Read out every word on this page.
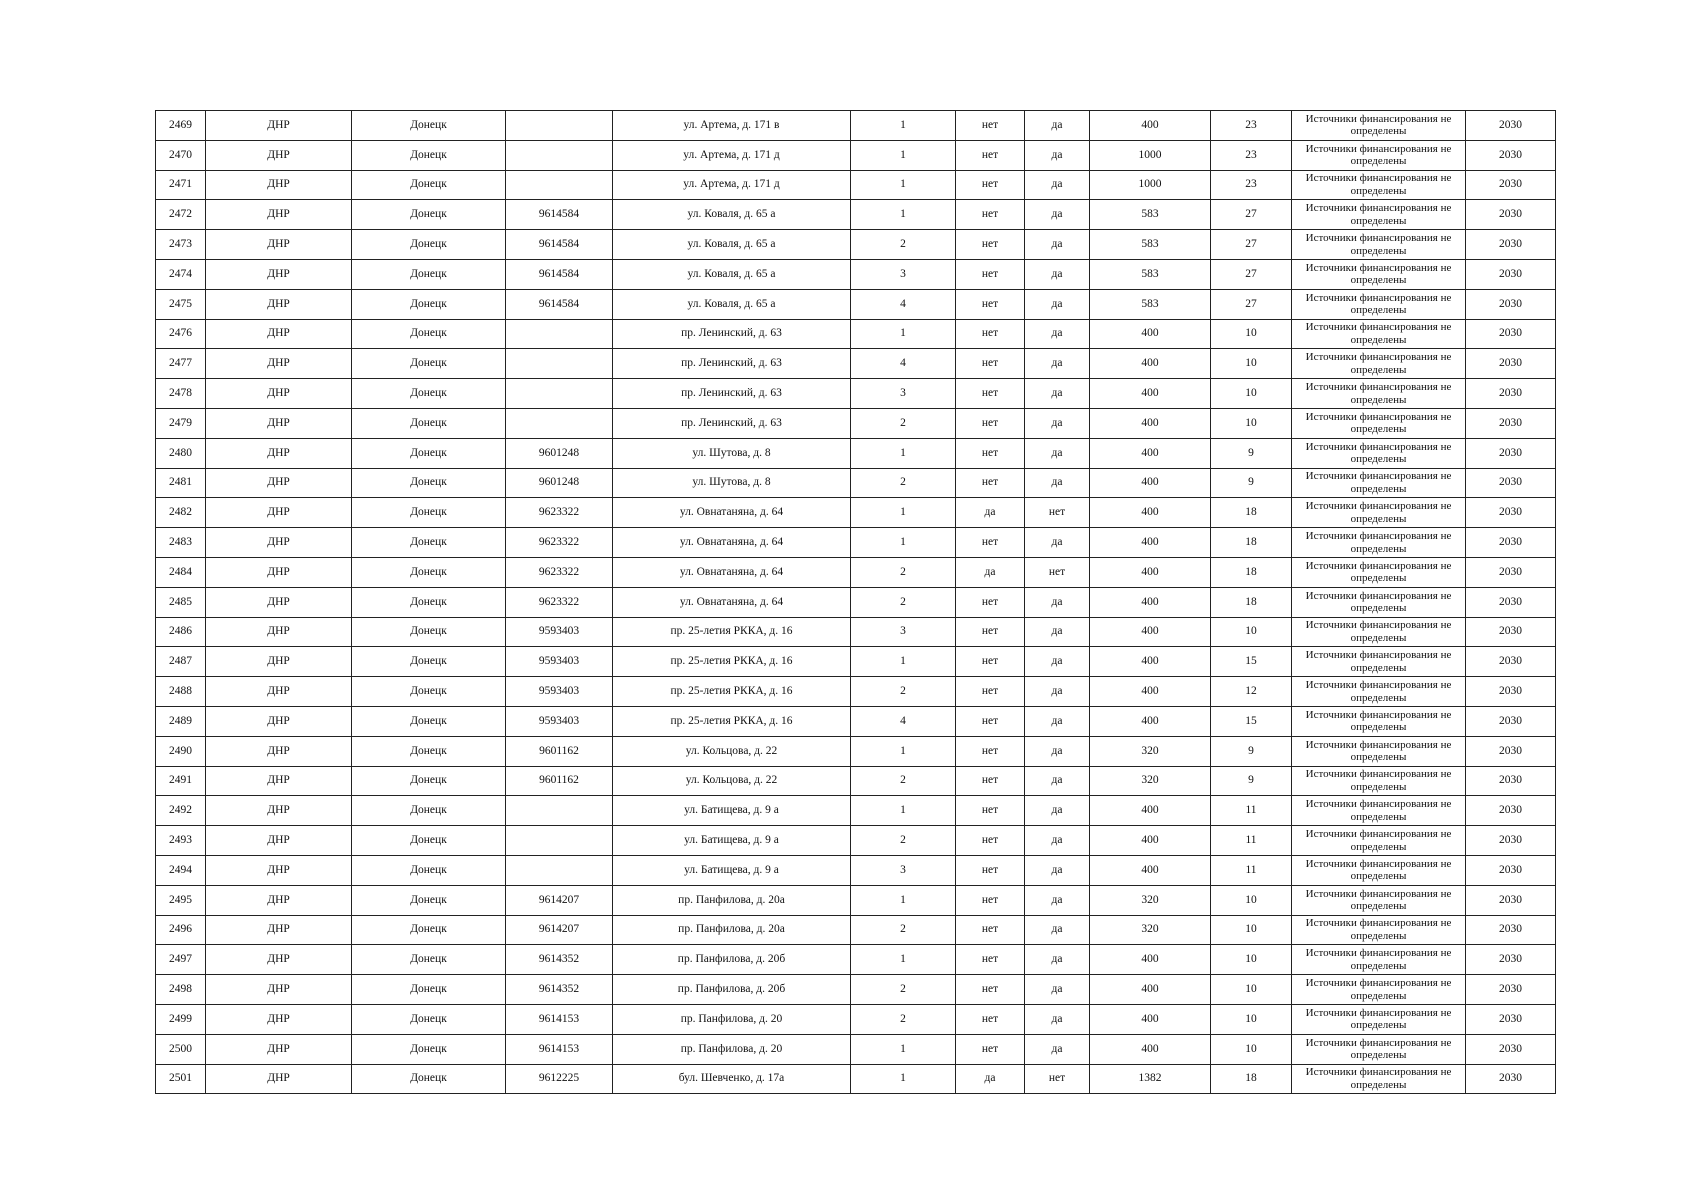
2469	ДНР	Донецк		ул. Артема, д. 171 в	1	нет	да	400	23	Источники финансирования не определены	2030
2470	ДНР	Донецк		ул. Артема, д. 171 д	1	нет	да	1000	23	Источники финансирования не определены	2030
2471	ДНР	Донецк		ул. Артема, д. 171 д	1	нет	да	1000	23	Источники финансирования не определены	2030
2472	ДНР	Донецк	9614584	ул. Коваля, д. 65 а	1	нет	да	583	27	Источники финансирования не определены	2030
2473	ДНР	Донецк	9614584	ул. Коваля, д. 65 а	2	нет	да	583	27	Источники финансирования не определены	2030
2474	ДНР	Донецк	9614584	ул. Коваля, д. 65 а	3	нет	да	583	27	Источники финансирования не определены	2030
2475	ДНР	Донецк	9614584	ул. Коваля, д. 65 а	4	нет	да	583	27	Источники финансирования не определены	2030
2476	ДНР	Донецк		пр. Ленинский, д. 63	1	нет	да	400	10	Источники финансирования не определены	2030
2477	ДНР	Донецк		пр. Ленинский, д. 63	4	нет	да	400	10	Источники финансирования не определены	2030
2478	ДНР	Донецк		пр. Ленинский, д. 63	3	нет	да	400	10	Источники финансирования не определены	2030
2479	ДНР	Донецк		пр. Ленинский, д. 63	2	нет	да	400	10	Источники финансирования не определены	2030
2480	ДНР	Донецк	9601248	ул. Шутова, д. 8	1	нет	да	400	9	Источники финансирования не определены	2030
2481	ДНР	Донецк	9601248	ул. Шутова, д. 8	2	нет	да	400	9	Источники финансирования не определены	2030
2482	ДНР	Донецк	9623322	ул. Овнатаняна, д. 64	1	да	нет	400	18	Источники финансирования не определены	2030
2483	ДНР	Донецк	9623322	ул. Овнатаняна, д. 64	1	нет	да	400	18	Источники финансирования не определены	2030
2484	ДНР	Донецк	9623322	ул. Овнатаняна, д. 64	2	да	нет	400	18	Источники финансирования не определены	2030
2485	ДНР	Донецк	9623322	ул. Овнатаняна, д. 64	2	нет	да	400	18	Источники финансирования не определены	2030
2486	ДНР	Донецк	9593403	пр. 25-летия РККА, д. 16	3	нет	да	400	10	Источники финансирования не определены	2030
2487	ДНР	Донецк	9593403	пр. 25-летия РККА, д. 16	1	нет	да	400	15	Источники финансирования не определены	2030
2488	ДНР	Донецк	9593403	пр. 25-летия РККА, д. 16	2	нет	да	400	12	Источники финансирования не определены	2030
2489	ДНР	Донецк	9593403	пр. 25-летия РККА, д. 16	4	нет	да	400	15	Источники финансирования не определены	2030
2490	ДНР	Донецк	9601162	ул. Кольцова, д. 22	1	нет	да	320	9	Источники финансирования не определены	2030
2491	ДНР	Донецк	9601162	ул. Кольцова, д. 22	2	нет	да	320	9	Источники финансирования не определены	2030
2492	ДНР	Донецк		ул. Батищева, д. 9 а	1	нет	да	400	11	Источники финансирования не определены	2030
2493	ДНР	Донецк		ул. Батищева, д. 9 а	2	нет	да	400	11	Источники финансирования не определены	2030
2494	ДНР	Донецк		ул. Батищева, д. 9 а	3	нет	да	400	11	Источники финансирования не определены	2030
2495	ДНР	Донецк	9614207	пр. Панфилова, д. 20а	1	нет	да	320	10	Источники финансирования не определены	2030
2496	ДНР	Донецк	9614207	пр. Панфилова, д. 20а	2	нет	да	320	10	Источники финансирования не определены	2030
2497	ДНР	Донецк	9614352	пр. Панфилова, д. 20б	1	нет	да	400	10	Источники финансирования не определены	2030
2498	ДНР	Донецк	9614352	пр. Панфилова, д. 20б	2	нет	да	400	10	Источники финансирования не определены	2030
2499	ДНР	Донецк	9614153	пр. Панфилова, д. 20	2	нет	да	400	10	Источники финансирования не определены	2030
2500	ДНР	Донецк	9614153	пр. Панфилова, д. 20	1	нет	да	400	10	Источники финансирования не определены	2030
2501	ДНР	Донецк	9612225	бул. Шевченко, д. 17а	1	да	нет	1382	18	Источники финансирования не определены	2030
